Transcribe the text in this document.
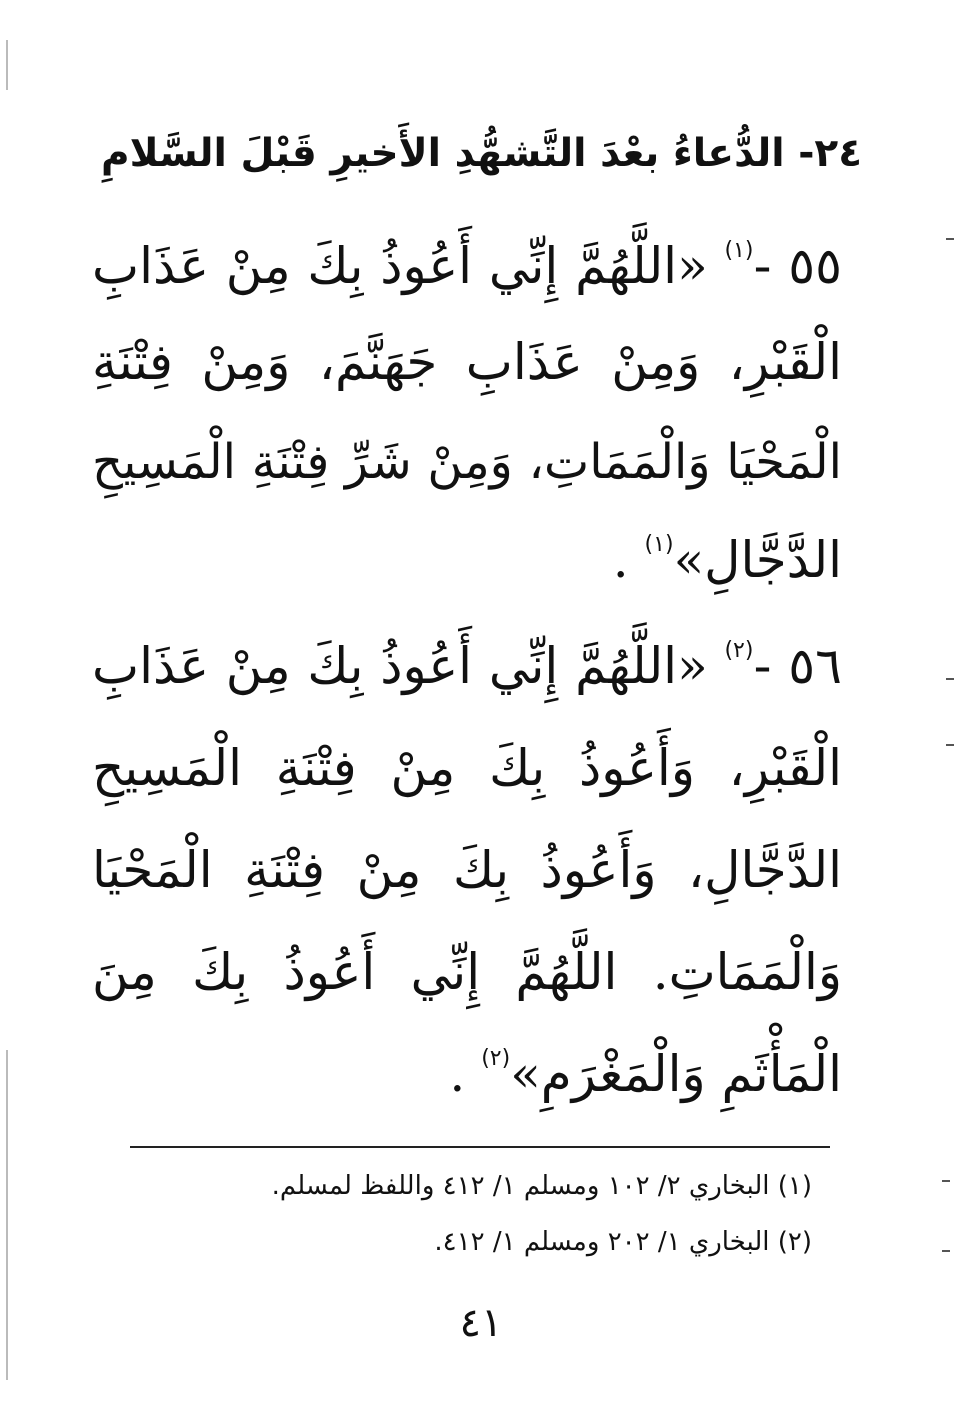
٢٤- الدُّعاءُ بعْدَ التَّشهُّدِ الأَخيرِ قَبْلَ السَّلامِ
٥٥ -$^{(١)}$ «اللَّهُمَّ إِنِّي أَعُوذُ بِكَ مِنْ عَذَابِ
الْقَبْرِ، وَمِنْ عَذَابِ جَهَنَّمَ، وَمِنْ فِتْنَةِ
الْمَحْيَا وَالْمَمَاتِ، وَمِنْ شَرِّ فِتْنَةِ الْمَسِيحِ
الدَّجَّالِ»$^{(١)}$ .
٥٦ -$^{(٢)}$ «اللَّهُمَّ إِنِّي أَعُوذُ بِكَ مِنْ عَذَابِ
الْقَبْرِ، وَأَعُوذُ بِكَ مِنْ فِتْنَةِ الْمَسِيحِ
الدَّجَّالِ، وَأَعُوذُ بِكَ مِنْ فِتْنَةِ الْمَحْيَا
وَالْمَمَاتِ. اللَّهُمَّ إِنِّي أَعُوذُ بِكَ مِنَ
الْمَأْثَمِ وَالْمَغْرَمِ»$^{(٢)}$ .
(١) البخاري ٢/ ١٠٢ ومسلم ١/ ٤١٢ واللفظ لمسلم.
(٢) البخاري ١/ ٢٠٢ ومسلم ١/ ٤١٢.
٤١
